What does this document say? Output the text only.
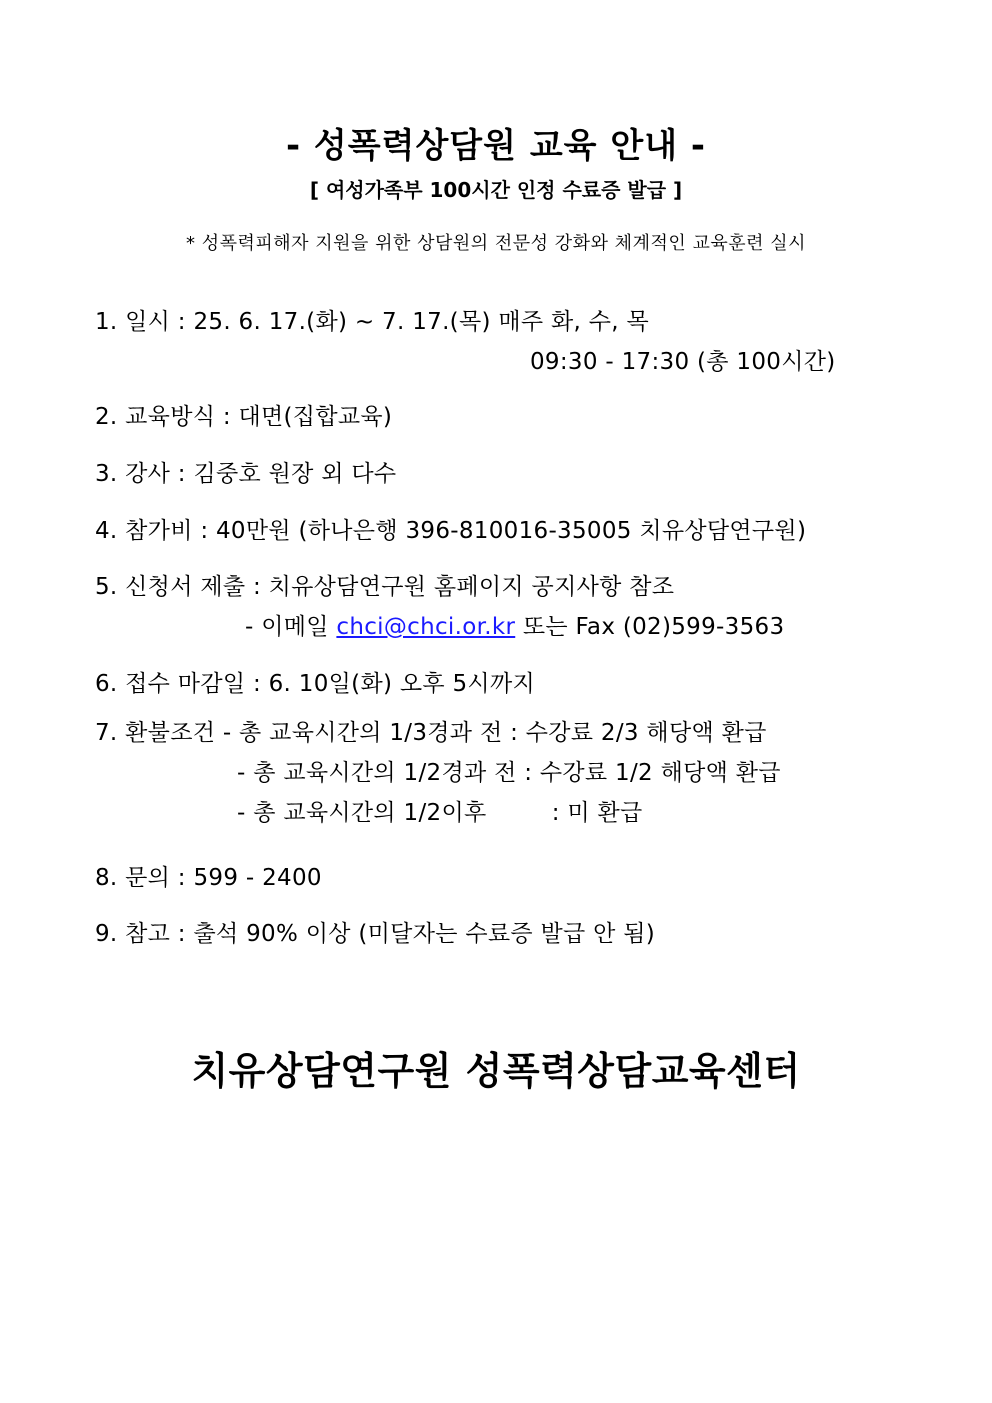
- 성폭력상담원 교육 안내 -
[ 여성가족부 100시간 인정 수료증 발급 ]
* 성폭력피해자 지원을 위한 상담원의 전문성 강화와 체계적인 교육훈련 실시
1. 일시 : 25. 6. 17.(화) ~ 7. 17.(목) 매주 화, 수, 목
09:30 - 17:30 (총 100시간)
2. 교육방식 : 대면(집합교육)
3. 강사 : 김중호 원장 외 다수
4. 참가비 : 40만원 (하나은행 396-810016-35005 치유상담연구원)
5. 신청서 제출 : 치유상담연구원 홈페이지 공지사항 참조
- 이메일 chci@chci.or.kr 또는 Fax (02)599-3563
6. 접수 마감일 : 6. 10일(화) 오후 5시까지
7. 환불조건 - 총 교육시간의 1/3경과 전 : 수강료 2/3 해당액 환급
- 총 교육시간의 1/2경과 전 : 수강료 1/2 해당액 환급
- 총 교육시간의 1/2이후	: 미 환급
8. 문의 : 599 - 2400
9. 참고 : 출석 90% 이상 (미달자는 수료증 발급 안 됨)
치유상담연구원 성폭력상담교육센터
